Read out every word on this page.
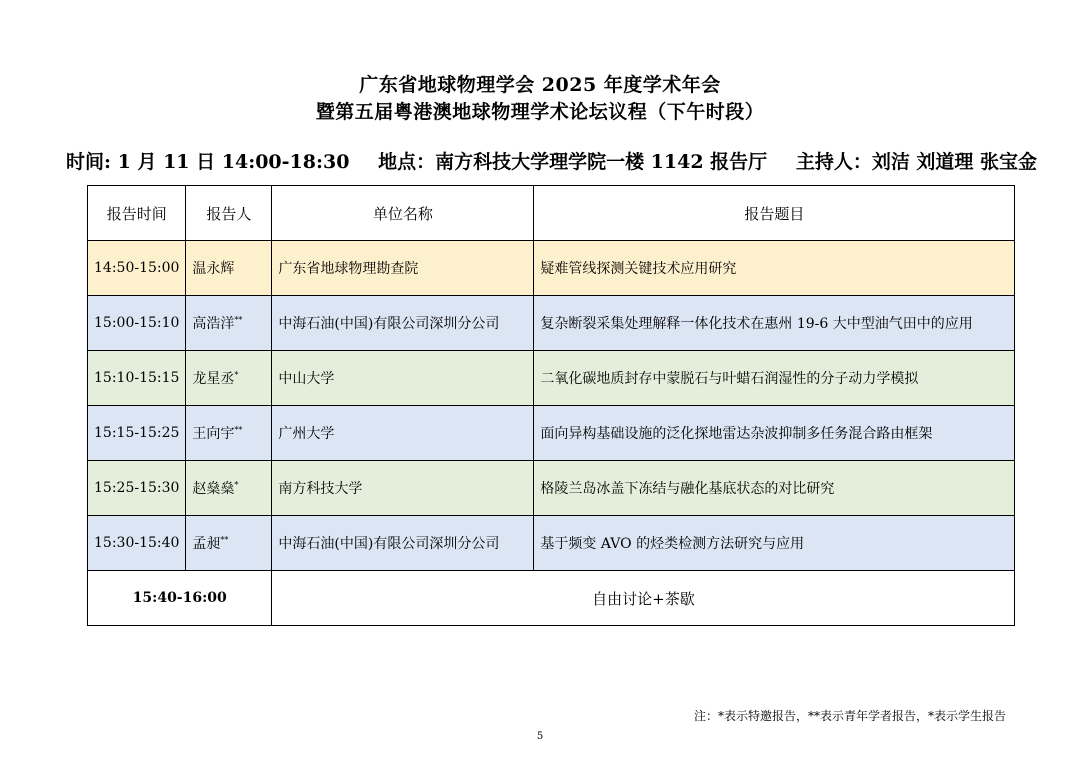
广东省地球物理学会 2025 年度学术年会
暨第五届粤港澳地球物理学术论坛议程（下午时段）
时间: 1 月 11 日 14:00-18:30 地点：南方科技大学理学院一楼 1142 报告厅 主持人：刘洁 刘道理 张宝金
报告时间	报告人	单位名称	报告题目
14:50-15:00	温永辉	广东省地球物理勘查院	疑难管线探测关键技术应用研究
15:00-15:10	高浩洋**	中海石油(中国)有限公司深圳分公司	复杂断裂采集处理解释一体化技术在惠州 19-6 大中型油气田中的应用
15:10-15:15	龙星丞*	中山大学	二氧化碳地质封存中蒙脱石与叶蜡石润湿性的分子动力学模拟
15:15-15:25	王向宇**	广州大学	面向异构基础设施的泛化探地雷达杂波抑制多任务混合路由框架
15:25-15:30	赵燊燊*	南方科技大学	格陵兰岛冰盖下冻结与融化基底状态的对比研究
15:30-15:40	孟昶**	中海石油(中国)有限公司深圳分公司	基于频变 AVO 的烃类检测方法研究与应用
15:40-16:00		自由讨论+茶歇	
注：*表示特邀报告，**表示青年学者报告，*表示学生报告
5
